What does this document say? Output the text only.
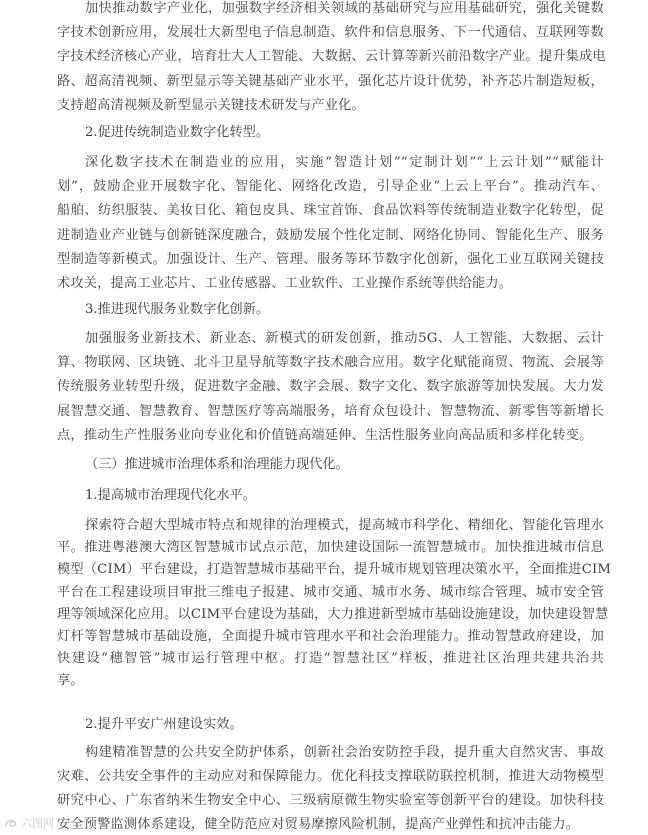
加快推动数字产业化，加强数字经济相关领域的基础研究与应用基础研究，强化关键数
字技术创新应用，发展壮大新型电子信息制造、软件和信息服务、下一代通信、互联网等数
字技术经济核心产业，培育壮大人工智能、大数据、云计算等新兴前沿数字产业。提升集成电
路、超高清视频、新型显示等关键基础产业水平，强化芯片设计优势，补齐芯片制造短板，
支持超高清视频及新型显示关键技术研发与产业化。
2.促进传统制造业数字化转型。
深化数字技术在制造业的应用，实施“智造计划”“定制计划”“上云计划”“赋能计
划”，鼓励企业开展数字化、智能化、网络化改造，引导企业“上云上平台”。推动汽车、
船舶、纺织服装、美妆日化、箱包皮具、珠宝首饰、食品饮料等传统制造业数字化转型，促
进制造业产业链与创新链深度融合，鼓励发展个性化定制、网络化协同、智能化生产、服务
型制造等新模式。加强设计、生产、管理、服务等环节数字化创新，强化工业互联网关键技
术攻关，提高工业芯片、工业传感器、工业软件、工业操作系统等供给能力。
3.推进现代服务业数字化创新。
加强服务业新技术、新业态、新模式的研发创新，推动5G、人工智能、大数据、云计
算、物联网、区块链、北斗卫星导航等数字技术融合应用。数字化赋能商贸、物流、会展等
传统服务业转型升级，促进数字金融、数字会展、数字文化、数字旅游等加快发展。大力发
展智慧交通、智慧教育、智慧医疗等高端服务，培育众包设计、智慧物流、新零售等新增长
点，推动生产性服务业向专业化和价值链高端延伸、生活性服务业向高品质和多样化转变。
（三）推进城市治理体系和治理能力现代化。
1.提高城市治理现代化水平。
探索符合超大型城市特点和规律的治理模式，提高城市科学化、精细化、智能化管理水
平。推进粤港澳大湾区智慧城市试点示范，加快建设国际一流智慧城市。加快推进城市信息
模型（CIM）平台建设，打造智慧城市基础平台，提升城市规划管理决策水平，全面推进CIM
平台在工程建设项目审批三维电子报建、城市交通、城市水务、城市综合管理、城市安全管
理等领域深化应用。以CIM平台建设为基础，大力推进新型城市基础设施建设，加快建设智慧
灯杆等智慧城市基础设施，全面提升城市管理水平和社会治理能力。推动智慧政府建设，加
快建设“穗智管”城市运行管理中枢。打造“智慧社区”样板，推进社区治理共建共治共
享。
2.提升平安广州建设实效。
构建精准智慧的公共安全防护体系，创新社会治安防控手段，提升重大自然灾害、事故
灾难、公共安全事件的主动应对和保障能力。优化科技支撑联防联控机制，推进大动物模型
研究中心、广东省纳米生物安全中心、三级病原微生物实验室等创新平台的建设。加快科技
安全预警监测体系建设，健全防范应对贸易摩擦风险机制，提高产业弹性和抗冲击能力。
六图网
